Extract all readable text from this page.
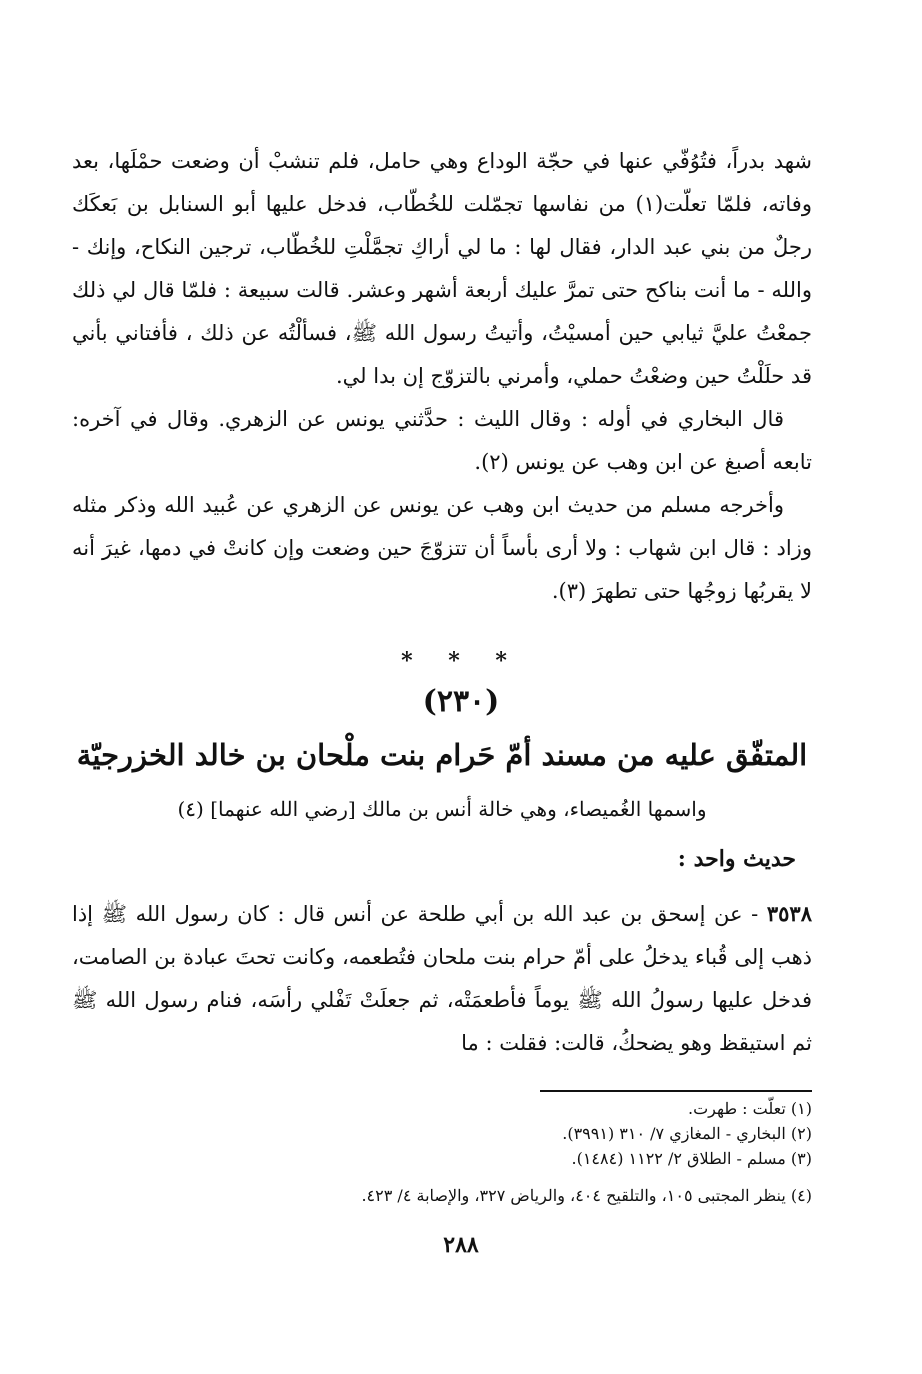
شهد بدراً، فتُوُفّي عنها في حجّة الوداع وهي حامل، فلم تنشبْ أن وضعت حمْلَها، بعد وفاته، فلمّا تعلّت(١) من نفاسها تجمّلت للخُطّاب، فدخل عليها أبو السنابل بن بَعكَك رجلٌ من بني عبد الدار، فقال لها : ما لي أراكِ تجمَّلْتِ للخُطّاب، ترجين النكاح، وإنك - والله - ما أنت بناكح حتى تمرَّ عليك أربعة أشهر وعشر. قالت سبيعة : فلمّا قال لي ذلك جمعْتُ عليَّ ثيابي حين أمسيْتُ، وأتيتُ رسول الله ﷺ، فسألْتُه عن ذلك ، فأفتاني بأني قد حلَلْتُ حين وضعْتُ حملي، وأمرني بالتزوّج إن بدا لي.

قال البخاري في أوله : وقال الليث : حدَّثني يونس عن الزهري. وقال في آخره: تابعه أصبغ عن ابن وهب عن يونس (٢).

وأخرجه مسلم من حديث ابن وهب عن يونس عن الزهري عن عُبيد الله وذكر مثله وزاد : قال ابن شهاب : ولا أرى بأساً أن تتزوّجَ حين وضعت وإن كانتْ في دمها، غيرَ أنه لا يقربُها زوجُها حتى تطهرَ (٣).

* * *
(٢٣٠)
المتفّق عليه من مسند أمّ حَرام بنت ملْحان بن خالد الخزرجيّة
واسمها الغُميصاء، وهي خالة أنس بن مالك [رضي الله عنهما] (٤)
حديث واحد :

٣٥٣٨ - عن إسحق بن عبد الله بن أبي طلحة عن أنس قال : كان رسول الله ﷺ إذا ذهب إلى قُباء يدخلُ على أمّ حرام بنت ملحان فتُطعمه، وكانت تحتَ عبادة بن الصامت، فدخل عليها رسولُ الله ﷺ يوماً فأطعمَتْه، ثم جعلَتْ تَفْلي رأسَه، فنام رسول الله ﷺ ثم استيقظ وهو يضحكُ، قالت: فقلت : ما

(١) تعلّت : طهرت.

(٢) البخاري - المغازي ٧/ ٣١٠ (٣٩٩١).

(٣) مسلم - الطلاق ٢/ ١١٢٢ (١٤٨٤).

(٤) ينظر المجتبى ١٠٥، والتلقيح ٤٠٤، والرياض ٣٢٧، والإصابة ٤/ ٤٢٣.

٢٨٨
